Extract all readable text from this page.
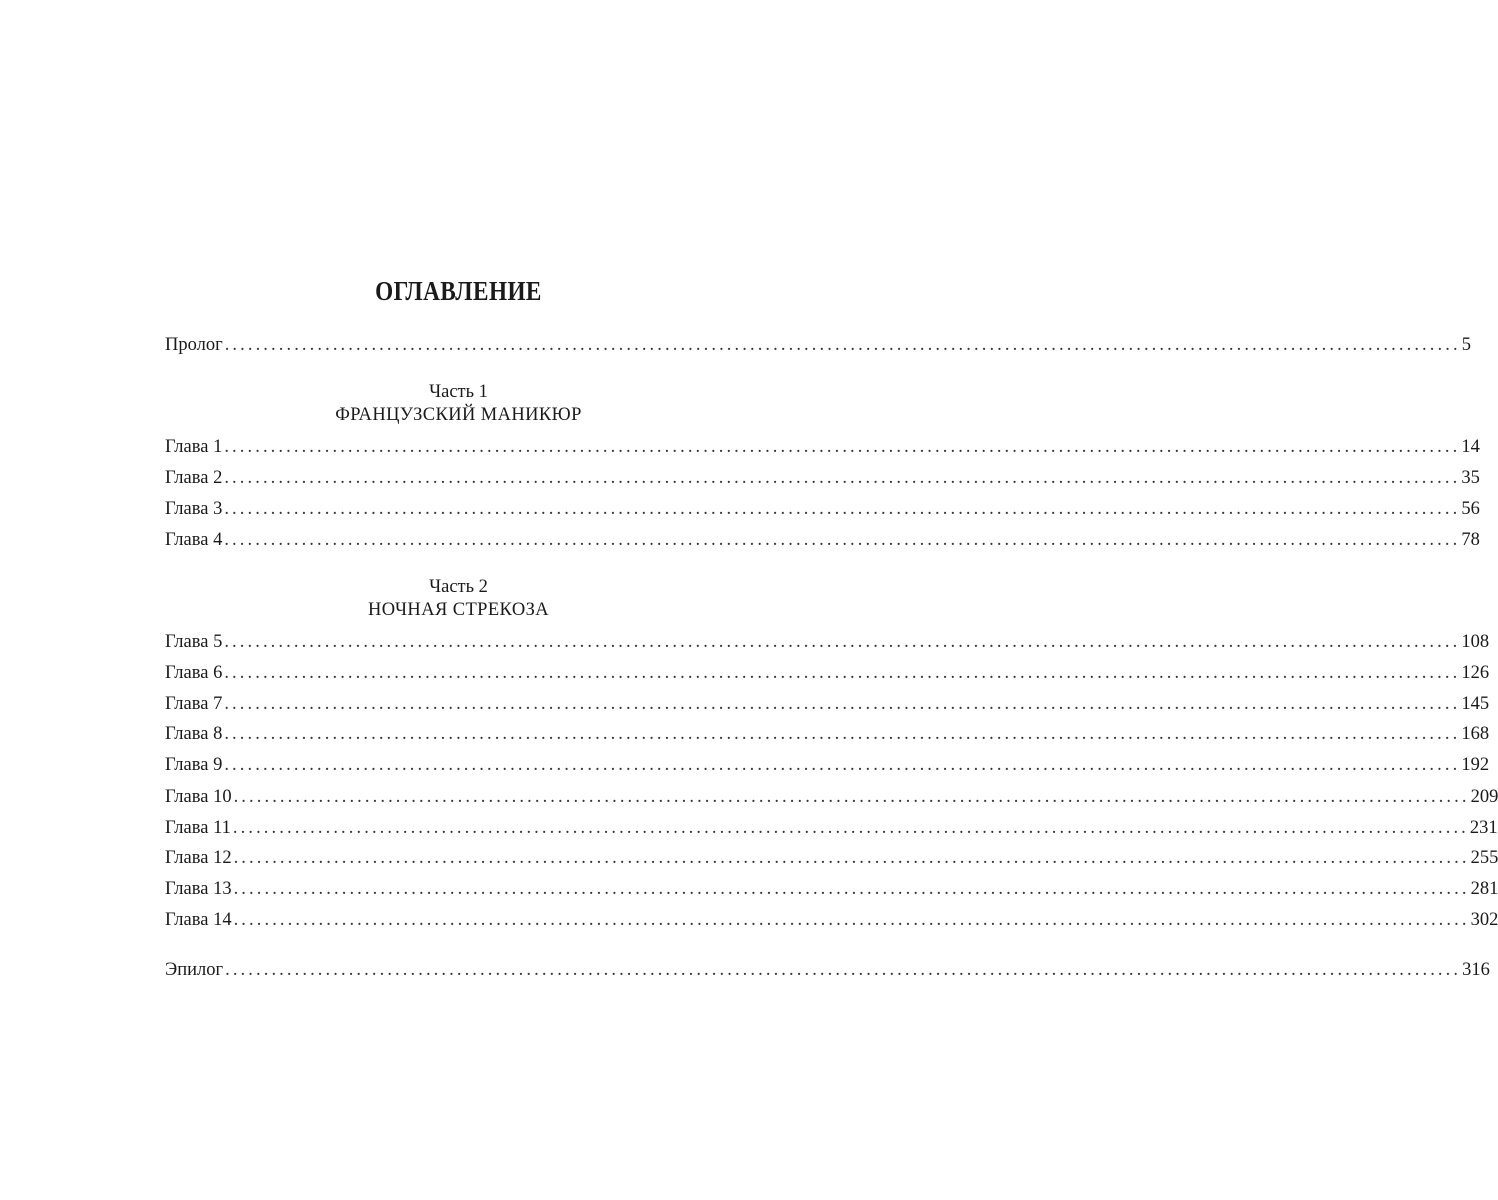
ОГЛАВЛЕНИЕ
Пролог ................................................................................................................................................................ 5
Часть 1
ФРАНЦУЗСКИЙ МАНИКЮР
Глава 1 ................................................................................................................................................................ 14
Глава 2 ................................................................................................................................................................ 35
Глава 3 ................................................................................................................................................................ 56
Глава 4 ................................................................................................................................................................ 78
Часть 2
НОЧНАЯ СТРЕКОЗА
Глава 5 ................................................................................................................................................................ 108
Глава 6 ................................................................................................................................................................ 126
Глава 7 ................................................................................................................................................................ 145
Глава 8 ................................................................................................................................................................ 168
Глава 9 ................................................................................................................................................................ 192
Глава 10 ................................................................................................................................................................ 209
Глава 11 ................................................................................................................................................................ 231
Глава 12 ................................................................................................................................................................ 255
Глава 13 ................................................................................................................................................................ 281
Глава 14 ................................................................................................................................................................ 302
Эпилог ................................................................................................................................................................ 316
